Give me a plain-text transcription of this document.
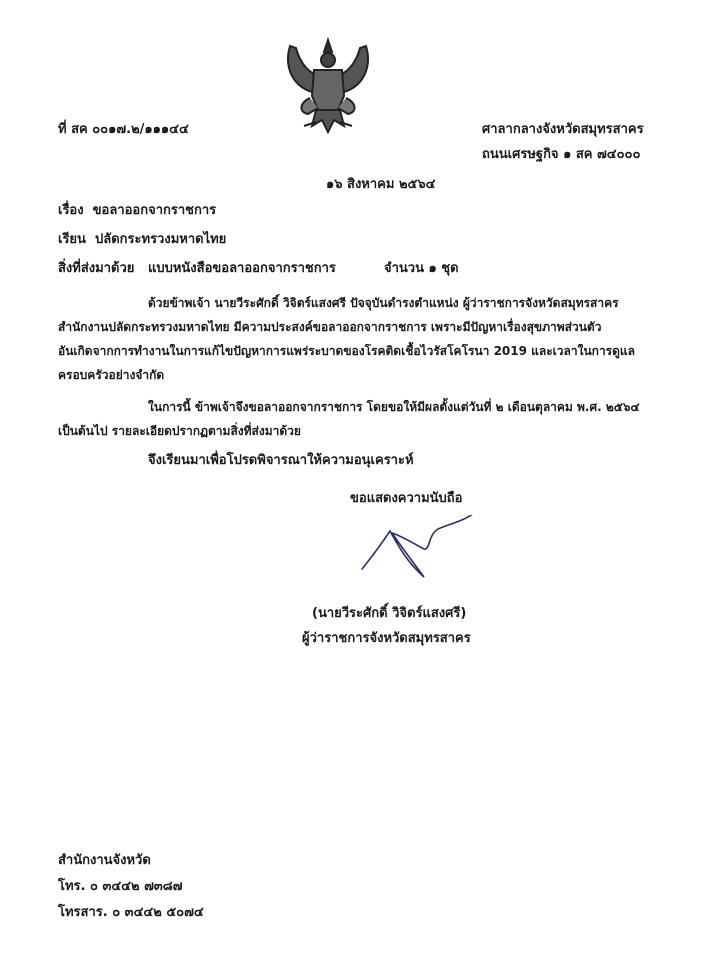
ที่ สค ๐๐๑๗.๒/๑๑๑๔๔	ศาลากลางจังหวัดสมุทรสาคร
ถนนเศรษฐกิจ ๑ สค ๗๔๐๐๐
๑๖ สิงหาคม ๒๕๖๔
เรื่อง ขอลาออกจากราชการ
เรียน ปลัดกระทรวงมหาดไทย
สิ่งที่ส่งมาด้วย แบบหนังสือขอลาออกจากราชการ	จำนวน ๑ ชุด
ด้วยข้าพเจ้า นายวีระศักดิ์ วิจิตร์แสงศรี ปัจจุบันดำรงตำแหน่ง ผู้ว่าราชการจังหวัดสมุทรสาคร
สำนักงานปลัดกระทรวงมหาดไทย มีความประสงค์ขอลาออกจากราชการ เพราะมีปัญหาเรื่องสุขภาพส่วนตัว
อันเกิดจากการทำงานในการแก้ไขปัญหาการแพร่ระบาดของโรคติดเชื้อไวรัสโคโรนา 2019 และเวลาในการดูแล
ครอบครัวอย่างจำกัด
ในการนี้ ข้าพเจ้าจึงขอลาออกจากราชการ โดยขอให้มีผลตั้งแต่วันที่ ๒ เดือนตุลาคม พ.ศ. ๒๕๖๔
เป็นต้นไป รายละเอียดปรากฏตามสิ่งที่ส่งมาด้วย
จึงเรียนมาเพื่อโปรดพิจารณาให้ความอนุเคราะห์
ขอแสดงความนับถือ
(นายวีระศักดิ์ วิจิตร์แสงศรี)
ผู้ว่าราชการจังหวัดสมุทรสาคร
สำนักงานจังหวัด
โทร. ๐ ๓๔๔๒ ๗๓๘๗
โทรสาร. ๐ ๓๔๔๒ ๕๐๗๔
